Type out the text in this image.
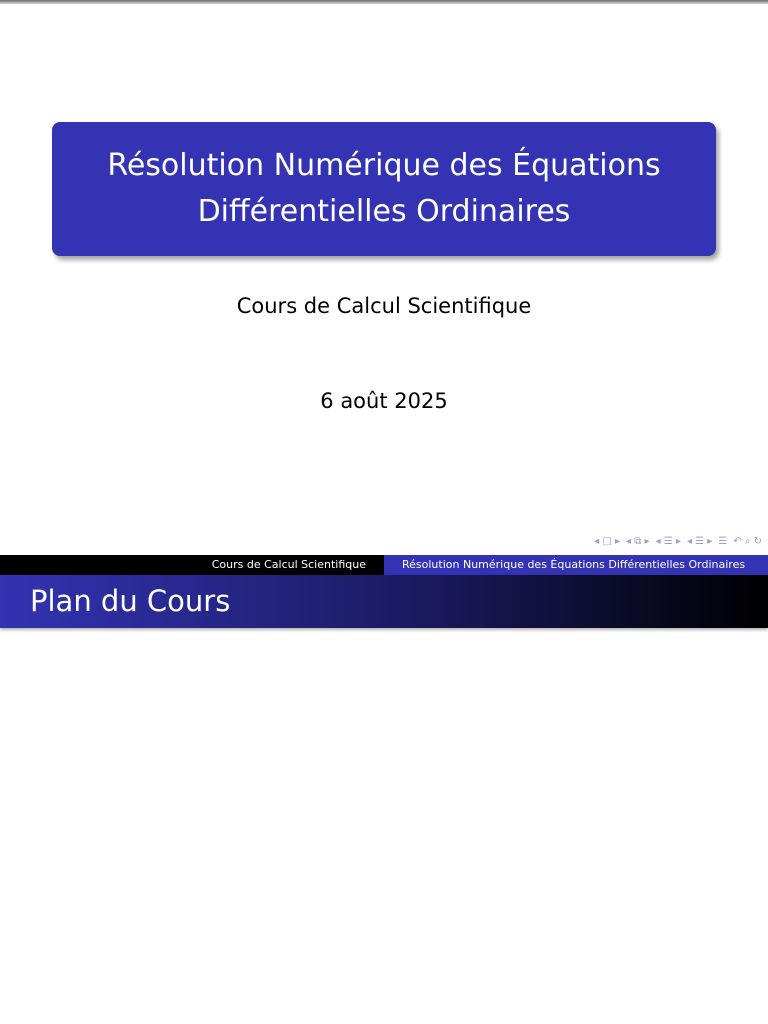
Résolution Numérique des Équations
Différentielles Ordinaires
Cours de Calcul Scientifique
6 août 2025
◂ □ ▸ ◂ ⧉ ▸ ◂ ☰ ▸ ◂ ☰ ▸ ☰ ↶ ⌕ ↻
Cours de Calcul Scientifique	Résolution Numérique des Équations Différentielles Ordinaires
Plan du Cours
